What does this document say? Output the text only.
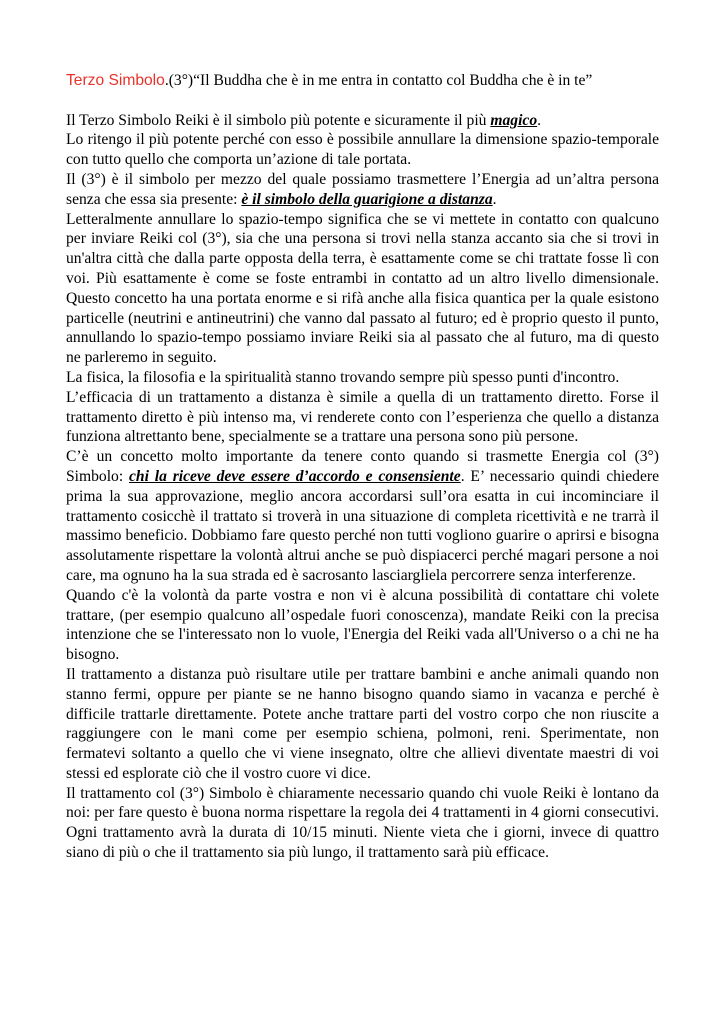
Terzo Simbolo.(3°)“Il Buddha che è in me entra in contatto col Buddha che è in te”

Il Terzo Simbolo Reiki è il simbolo più potente e sicuramente il più magico.

Lo ritengo il più potente perché con esso è possibile annullare la dimensione spazio-temporale con tutto quello che comporta un’azione di tale portata.

Il (3°) è il simbolo per mezzo del quale possiamo trasmettere l’Energia ad un’altra persona senza che essa sia presente: è il simbolo della guarigione a distanza.

Letteralmente annullare lo spazio-tempo significa che se vi mettete in contatto con qualcuno per inviare Reiki col (3°), sia che una persona si trovi nella stanza accanto sia che si trovi in un'altra città che dalla parte opposta della terra, è esattamente come se chi trattate fosse lì con voi. Più esattamente è come se foste entrambi in contatto ad un altro livello dimensionale. Questo concetto ha una portata enorme e si rifà anche alla fisica quantica per la quale esistono particelle (neutrini e antineutrini) che vanno dal passato al futuro; ed è proprio questo il punto, annullando lo spazio-tempo possiamo inviare Reiki sia al passato che al futuro, ma di questo ne parleremo in seguito.

La fisica, la filosofia e la spiritualità stanno trovando sempre più spesso punti d'incontro.

L’efficacia di un trattamento a distanza è simile a quella di un trattamento diretto. Forse il trattamento diretto è più intenso ma, vi renderete conto con l’esperienza che quello a distanza funziona altrettanto bene, specialmente se a trattare una persona sono più persone.

C’è un concetto molto importante da tenere conto quando si trasmette Energia col (3°) Simbolo: chi la riceve deve essere d’accordo e consensiente. E’ necessario quindi chiedere prima la sua approvazione, meglio ancora accordarsi sull’ora esatta in cui incominciare il trattamento cosicchè il trattato si troverà in una situazione di completa ricettività e ne trarrà il massimo beneficio. Dobbiamo fare questo perché non tutti vogliono guarire o aprirsi e bisogna assolutamente rispettare la volontà altrui anche se può dispiacerci perché magari persone a noi care, ma ognuno ha la sua strada ed è sacrosanto lasciargliela percorrere senza interferenze.

Quando c'è la volontà da parte vostra e non vi è alcuna possibilità di contattare chi volete trattare, (per esempio qualcuno all’ospedale fuori conoscenza), mandate Reiki con la precisa intenzione che se l'interessato non lo vuole, l'Energia del Reiki vada all'Universo o a chi ne ha bisogno.

Il trattamento a distanza può risultare utile per trattare bambini e anche animali quando non stanno fermi, oppure per piante se ne hanno bisogno quando siamo in vacanza e perché è difficile trattarle direttamente. Potete anche trattare parti del vostro corpo che non riuscite a raggiungere con le mani come per esempio schiena, polmoni, reni. Sperimentate, non fermatevi soltanto a quello che vi viene insegnato, oltre che allievi diventate maestri di voi stessi ed esplorate ciò che il vostro cuore vi dice.

Il trattamento col (3°) Simbolo è chiaramente necessario quando chi vuole Reiki è lontano da noi: per fare questo è buona norma rispettare la regola dei 4 trattamenti in 4 giorni consecutivi. Ogni trattamento avrà la durata di 10/15 minuti. Niente vieta che i giorni, invece di quattro siano di più o che il trattamento sia più lungo, il trattamento sarà più efficace.
